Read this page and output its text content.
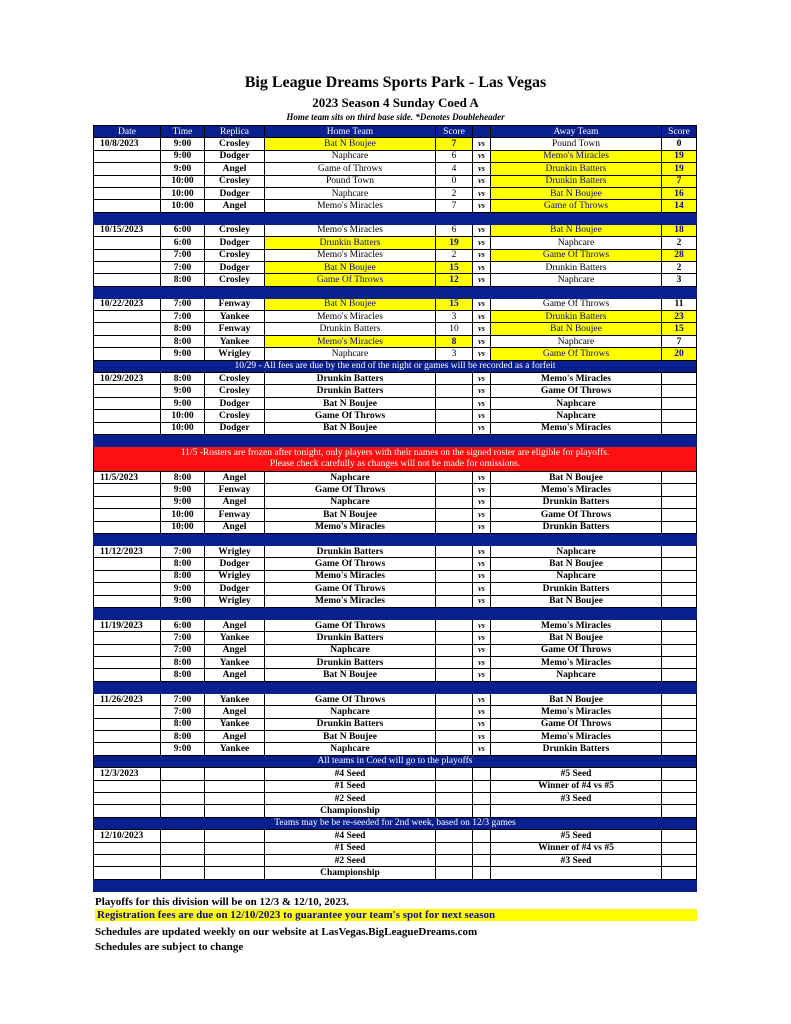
Big League Dreams Sports Park - Las Vegas
2023 Season 4 Sunday Coed A
Home team sits on third base side. *Denotes Doubleheader
Date	Time	Replica	Home Team	Score		Away Team	Score
10/8/2023	9:00	Crosley	Bat N Boujee	7	vs	Pound Town	0
	9:00	Dodger	Naphcare	6	vs	Memo's Miracles	19
	9:00	Angel	Game of Throws	4	vs	Drunkin Batters	19
	10:00	Crosley	Pound Town	0	vs	Drunkin Batters	7
	10:00	Dodger	Naphcare	2	vs	Bat N Boujee	16
	10:00	Angel	Memo's Miracles	7	vs	Game of Throws	14

10/15/2023	6:00	Crosley	Memo's Miracles	6	vs	Bat N Boujee	18
	6:00	Dodger	Drunkin Batters	19	vs	Naphcare	2
	7:00	Crosley	Memo's Miracles	2	vs	Game Of Throws	28
	7:00	Dodger	Bat N Boujee	15	vs	Drunkin Batters	2
	8:00	Crosley	Game Of Throws	12	vs	Naphcare	3

10/22/2023	7:00	Fenway	Bat N Boujee	15	vs	Game Of Throws	11
	7:00	Yankee	Memo's Miracles	3	vs	Drunkin Batters	23
	8:00	Fenway	Drunkin Batters	10	vs	Bat N Boujee	15
	8:00	Yankee	Memo's Miracles	8	vs	Naphcare	7
	9:00	Wrigley	Naphcare	3	vs	Game Of Throws	20
10/29 - All fees are due by the end of the night or games will be recorded as a forfeit							
10/29/2023	8:00	Crosley	Drunkin Batters		vs	Memo's Miracles	
	9:00	Crosley	Drunkin Batters		vs	Game Of Throws	
	9:00	Dodger	Bat N Boujee		vs	Naphcare	
	10:00	Crosley	Game Of Throws		vs	Naphcare	
	10:00	Dodger	Bat N Boujee		vs	Memo's Miracles	

11/5 -Rosters are frozen after tonight, only players with their names on the signed roster are eligible for playoffs.
Please check carefully as changes will not be made for omissions.							

11/5/2023	8:00	Angel	Naphcare		vs	Bat N Boujee	
	9:00	Fenway	Game Of Throws		vs	Memo's Miracles	
	9:00	Angel	Naphcare		vs	Drunkin Batters	
	10:00	Fenway	Bat N Boujee		vs	Game Of Throws	
	10:00	Angel	Memo's Miracles		vs	Drunkin Batters	

11/12/2023	7:00	Wrigley	Drunkin Batters		vs	Naphcare	
	8:00	Dodger	Game Of Throws		vs	Bat N Boujee	
	8:00	Wrigley	Memo's Miracles		vs	Naphcare	
	9:00	Dodger	Game Of Throws		vs	Drunkin Batters	
	9:00	Wrigley	Memo's Miracles		vs	Bat N Boujee	

11/19/2023	6:00	Angel	Game Of Throws		vs	Memo's Miracles	
	7:00	Yankee	Drunkin Batters		vs	Bat N Boujee	
	7:00	Angel	Naphcare		vs	Game Of Throws	
	8:00	Yankee	Drunkin Batters		vs	Memo's Miracles	
	8:00	Angel	Bat N Boujee		vs	Naphcare	

11/26/2023	7:00	Yankee	Game Of Throws		vs	Bat N Boujee	
	7:00	Angel	Naphcare		vs	Memo's Miracles	
	8:00	Yankee	Drunkin Batters		vs	Game Of Throws	
	8:00	Angel	Bat N Boujee		vs	Memo's Miracles	
	9:00	Yankee	Naphcare		vs	Drunkin Batters	
All teams in Coed will go to the playoffs							
12/3/2023			#4 Seed			#5 Seed	
			#1 Seed			Winner of #4 vs #5	
			#2 Seed			#3 Seed	
			Championship				
Teams may be be re-seeded for 2nd week, based on 12/3 games							
12/10/2023			#4 Seed			#5 Seed	
			#1 Seed			Winner of #4 vs #5	
			#2 Seed			#3 Seed	
			Championship				

Playoffs for this division will be on 12/3 & 12/10, 2023.
Registration fees are due on 12/10/2023 to guarantee your team's spot for next season
Schedules are updated weekly on our website at LasVegas.BigLeagueDreams.com
Schedules are subject to change
